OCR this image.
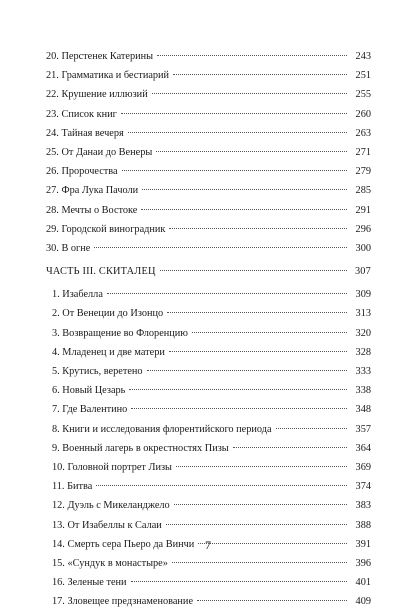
20. Перстенек Катерины	243
21. Грамматика и бестиарий	251
22. Крушение иллюзий	255
23. Список книг	260
24. Тайная вечеря	263
25. От Данаи до Венеры	271
26. Пророчества	279
27. Фра Лука Пачоли	285
28. Мечты о Востоке	291
29. Городской виноградник	296
30. В огне	300
ЧАСТЬ III. СКИТАЛЕЦ	307
1. Изабелла	309
2. От Венеции до Изонцо	313
3. Возвращение во Флоренцию	320
4. Младенец и две матери	328
5. Крутись, веретено	333
6. Новый Цезарь	338
7. Где Валентино	348
8. Книги и исследования флорентийского периода	357
9. Военный лагерь в окрестностях Пизы	364
10. Головной портрет Лизы	369
11. Битва	374
12. Дуэль с Микеланджело	383
13. От Изабеллы к Салаи	388
14. Смерть сера Пьеро да Винчи	391
15. «Сундук в монастыре»	396
16. Зеленые тени	401
17. Зловещее предзнаменование	409
7
